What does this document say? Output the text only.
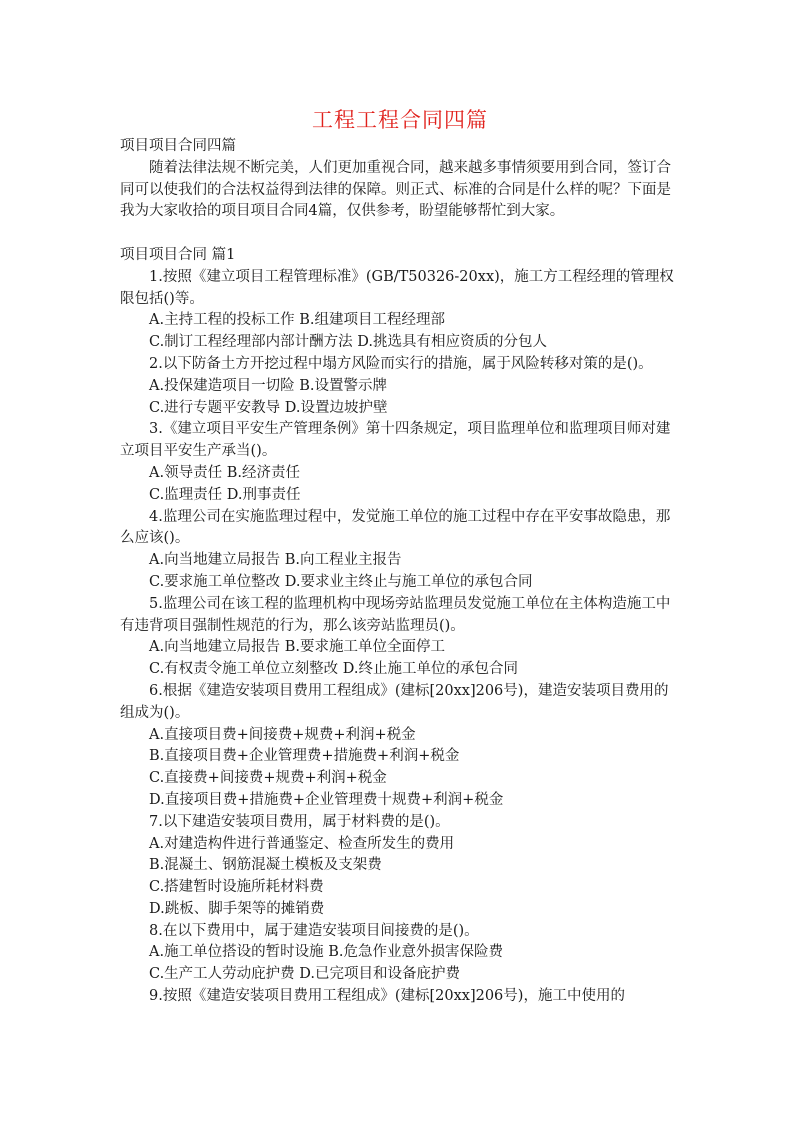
工程工程合同四篇

项目项目合同四篇

随着法律法规不断完美，人们更加重视合同，越来越多事情须要用到合同，签订合同可以使我们的合法权益得到法律的保障。则正式、标准的合同是什么样的呢？下面是我为大家收拾的项目项目合同4篇，仅供参考，盼望能够帮忙到大家。

项目项目合同 篇1

1.按照《建立项目工程管理标准》(GB/T50326-20xx)，施工方工程经理的管理权限包括()等。

A.主持工程的投标工作 B.组建项目工程经理部

C.制订工程经理部内部计酬方法 D.挑选具有相应资质的分包人

2.以下防备土方开挖过程中塌方风险而实行的措施，属于风险转移对策的是()。

A.投保建造项目一切险 B.设置警示牌

C.进行专题平安教导 D.设置边坡护壁

3.《建立项目平安生产管理条例》第十四条规定，项目监理单位和监理项目师对建立项目平安生产承当()。

A.领导责任 B.经济责任

C.监理责任 D.刑事责任

4.监理公司在实施监理过程中，发觉施工单位的施工过程中存在平安事故隐患，那么应该()。

A.向当地建立局报告 B.向工程业主报告

C.要求施工单位整改 D.要求业主终止与施工单位的承包合同

5.监理公司在该工程的监理机构中现场旁站监理员发觉施工单位在主体构造施工中有违背项目强制性规范的行为，那么该旁站监理员()。

A.向当地建立局报告 B.要求施工单位全面停工

C.有权责令施工单位立刻整改 D.终止施工单位的承包合同

6.根据《建造安装项目费用工程组成》(建标[20xx]206号)，建造安装项目费用的组成为()。

A.直接项目费+间接费+规费+利润+税金

B.直接项目费+企业管理费+措施费+利润+税金

C.直接费+间接费+规费+利润+税金

D.直接项目费+措施费+企业管理费十规费+利润+税金

7.以下建造安装项目费用，属于材料费的是()。

A.对建造构件进行普通鉴定、检查所发生的费用

B.混凝土、钢筋混凝土模板及支架费

C.搭建暂时设施所耗材料费

D.跳板、脚手架等的摊销费

8.在以下费用中，属于建造安装项目间接费的是()。

A.施工单位搭设的暂时设施 B.危急作业意外损害保险费

C.生产工人劳动庇护费 D.已完项目和设备庇护费

9.按照《建造安装项目费用工程组成》(建标[20xx]206号)，施工中使用的
